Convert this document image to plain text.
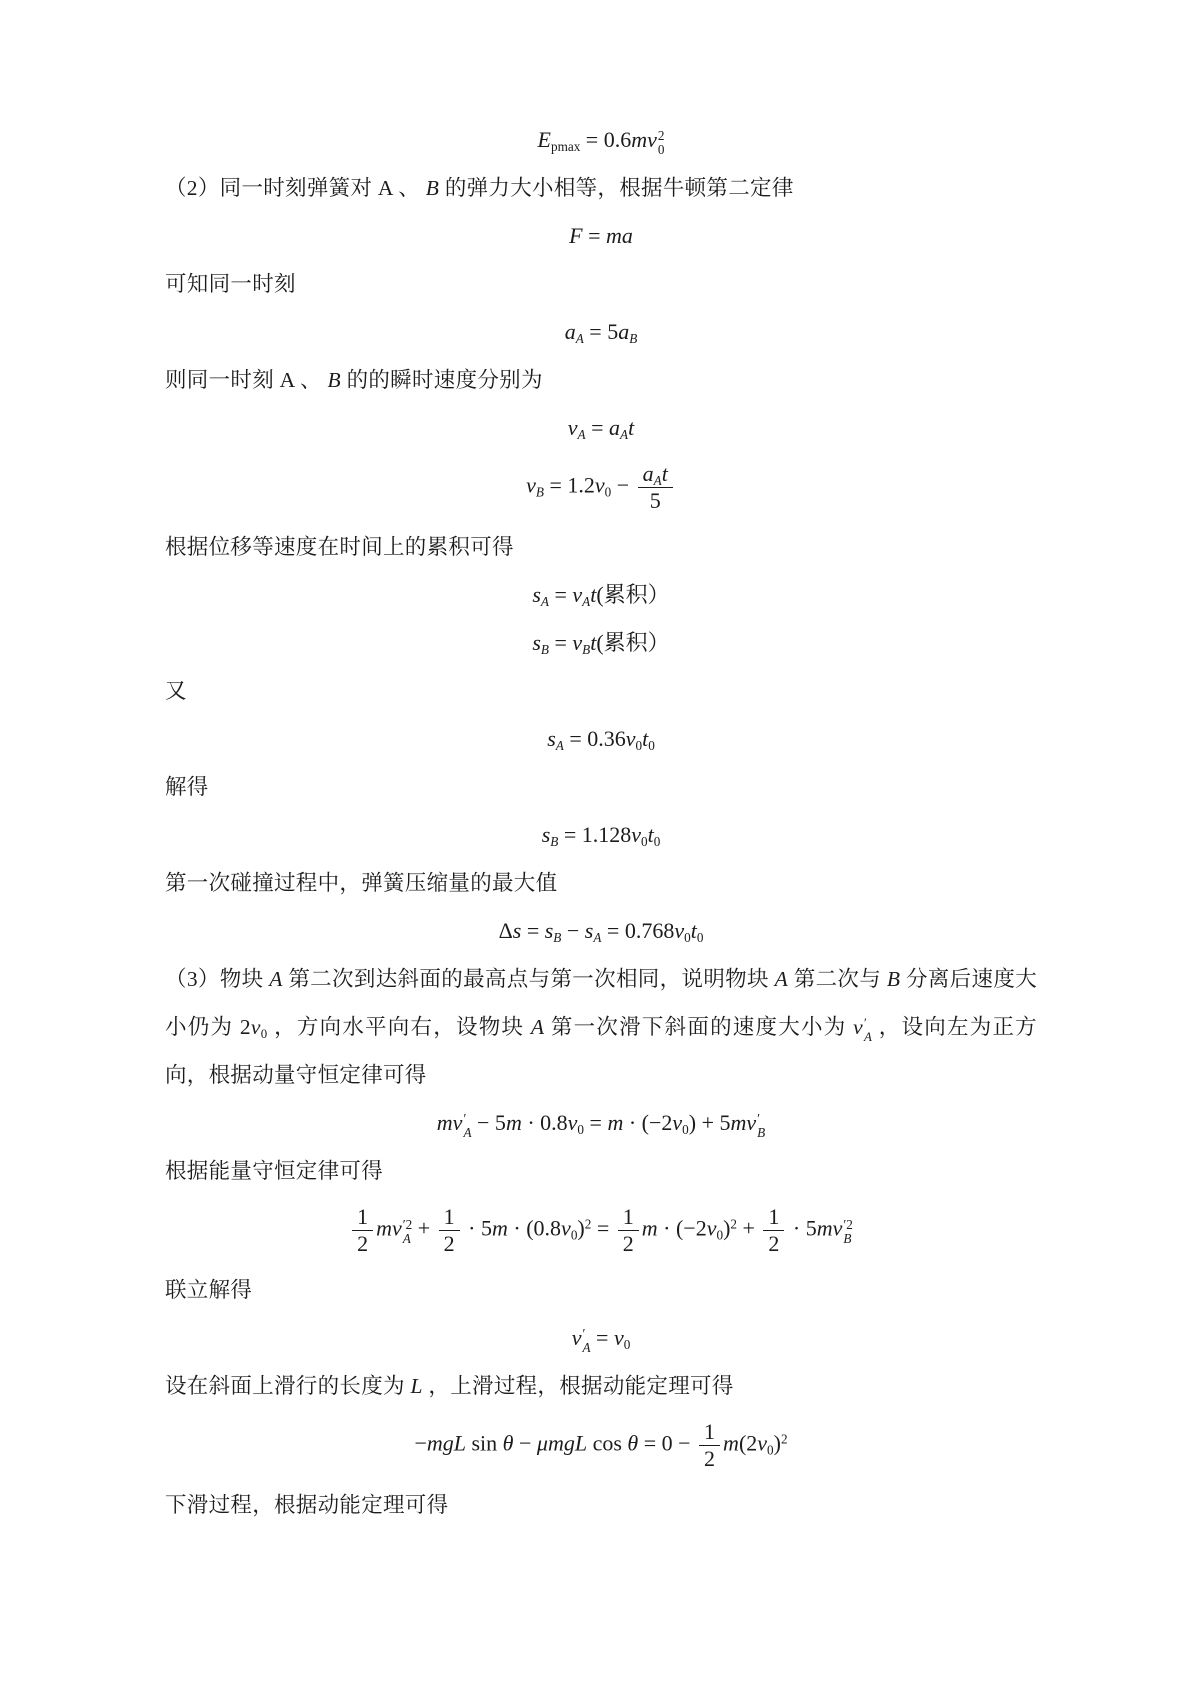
$E_{pmax} = 0.6mv$ 2
0
（2）同一时刻弹簧对 A 、 B 的弹力大小相等，根据牛顿第二定律
F = ma
可知同一时刻
$a_A = 5a_B$
则同一时刻 A 、 B 的的瞬时速度分别为
$v_A = a_At$
$v_B = 1.2v_0 - a_At$
5
根据位移等速度在时间上的累积可得
$s_A = v_At$(累积）
$s_B = v_Bt$(累积）
又
$s_A = 0.36v_0t_0$
解得
$s_B = 1.128v_0t_0$
第一次碰撞过程中，弹簧压缩量的最大值
$\Delta s = s_B - s_A = 0.768v_0t_0$
（3）物块 A 第二次到达斜面的最高点与第一次相同，说明物块 A 第二次与 B 分离后速度大小仍为 $2v_0$ ，方向水平向右，设物块 A 第一次滑下斜面的速度大小为 v ′
A ，设向左为正方向，根据动量守恒定律可得
mv ′
$A - 5m \cdot 0.8v_0 = m \cdot (-2v_0) + 5mv$ ′
B
根据能量守恒定律可得
$\frac{1}{2}$ mv ′2
$A + \frac{1}{2} \cdot 5m \cdot (0.8v_0)^2 = \frac{1}{2}$ $m \cdot (-2v_0)^2 + \frac{1}{2} \cdot 5mv$ ′2
B
联立解得
v ′
$A = v_0$
设在斜面上滑行的长度为 L ，上滑过程，根据动能定理可得
−mgL sin θ − μmgL $\cos \theta = 0 - \frac{1}{2} m(2v_0)^2$
下滑过程，根据动能定理可得
